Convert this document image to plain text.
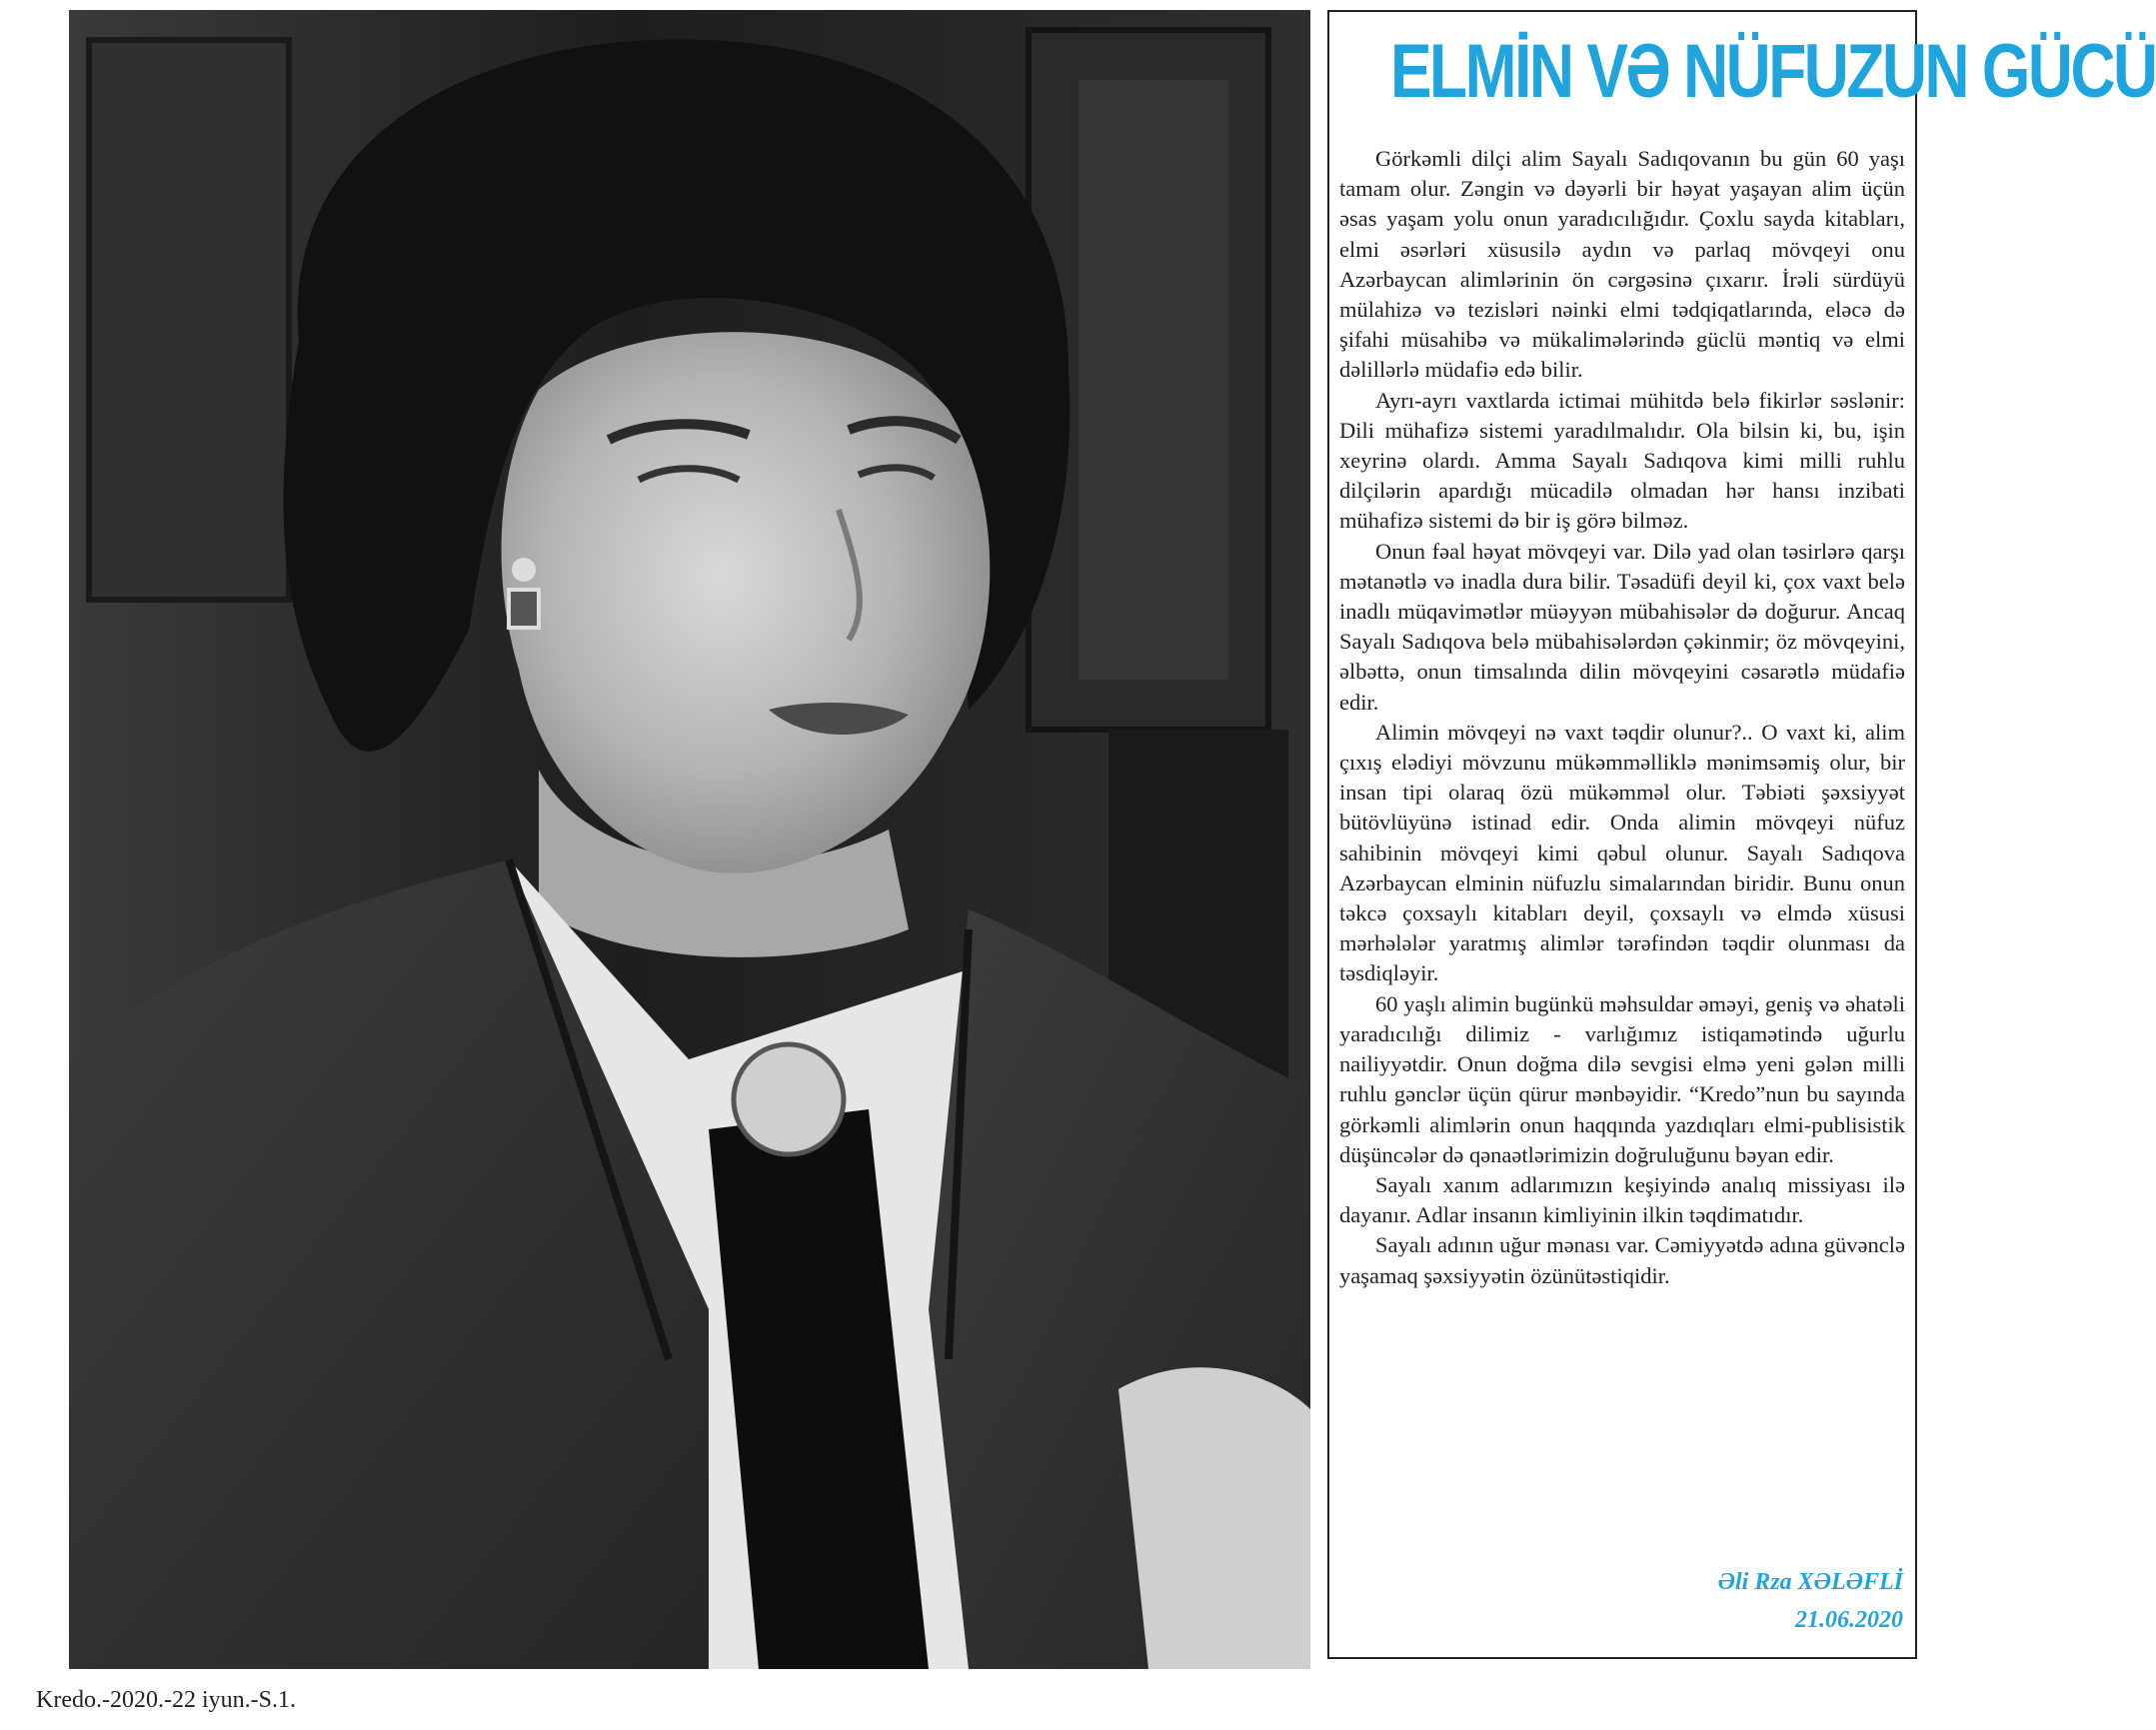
ELMİN VƏ NÜFUZUN GÜCÜ

Görkəmli dilçi alim Sayalı Sadıqovanın bu gün 60 yaşı tamam olur. Zəngin və dəyərli bir həyat yaşayan alim üçün əsas yaşam yolu onun yaradıcılığıdır. Çoxlu sayda kitabları, elmi əsərləri xüsusilə aydın və parlaq mövqeyi onu Azərbaycan alimlərinin ön cərgəsinə çıxarır. İrəli sürdüyü mülahizə və tezisləri nəinki elmi tədqiqatlarında, eləcə də şifahi müsahibə və mükalimələrində güclü məntiq və elmi dəlillərlə müdafiə edə bilir.

Ayrı-ayrı vaxtlarda ictimai mühitdə belə fikirlər səslənir: Dili mühafizə sistemi yaradılmalıdır. Ola bilsin ki, bu, işin xeyrinə olardı. Amma Sayalı Sadıqova kimi milli ruhlu dilçilərin apardığı mücadilə olmadan hər hansı inzibati mühafizə sistemi də bir iş görə bilməz.

Onun fəal həyat mövqeyi var. Dilə yad olan təsirlərə qarşı mətanətlə və inadla dura bilir. Təsadüfi deyil ki, çox vaxt belə inadlı müqavimətlər müəyyən mübahisələr də doğurur. Ancaq Sayalı Sadıqova belə mübahisələrdən çəkinmir; öz mövqeyini, əlbəttə, onun timsalında dilin mövqeyini cəsarətlə müdafiə edir.

Alimin mövqeyi nə vaxt təqdir olunur?.. O vaxt ki, alim çıxış elədiyi mövzunu mükəmməlliklə mənimsəmiş olur, bir insan tipi olaraq özü mükəmməl olur. Təbiəti şəxsiyyət bütövlüyünə istinad edir. Onda alimin mövqeyi nüfuz sahibinin mövqeyi kimi qəbul olunur. Sayalı Sadıqova Azərbaycan elminin nüfuzlu simalarından biridir. Bunu onun təkcə çoxsaylı kitabları deyil, çoxsaylı və elmdə xüsusi mərhələlər yaratmış alimlər tərəfindən təqdir olunması da təsdiqləyir.

60 yaşlı alimin bugünkü məhsuldar əməyi, geniş və əhatəli yaradıcılığı dilimiz - varlığımız istiqamətində uğurlu nailiyyətdir. Onun doğma dilə sevgisi elmə yeni gələn milli ruhlu gənclər üçün qürur mənbəyidir. “Kredo”nun bu sayında görkəmli alimlərin onun haqqında yazdıqları elmi-publisistik düşüncələr də qənaətlərimizin doğruluğunu bəyan edir.

Sayalı xanım adlarımızın keşiyində analıq missiyası ilə dayanır. Adlar insanın kimliyinin ilkin təqdimatıdır.

Sayalı adının uğur mənası var. Cəmiyyətdə adına güvənclə yaşamaq şəxsiyyətin özünütəstiqidir.

Əli Rza XƏLƏFLİ
21.06.2020
Kredo.-2020.-22 iyun.-S.1.
